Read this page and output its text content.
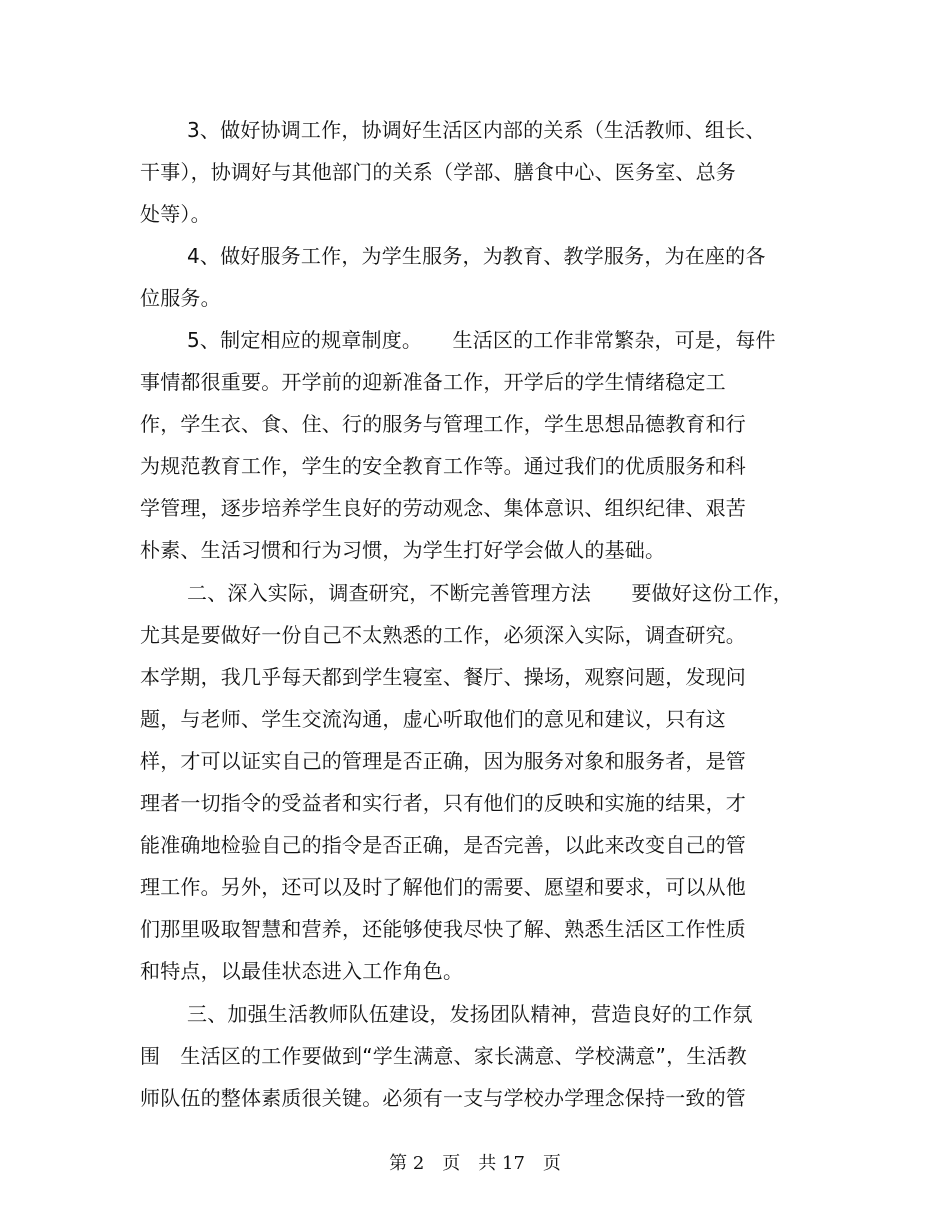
3、做好协调工作，协调好生活区内部的关系（生活教师、组长、
干事），协调好与其他部门的关系（学部、膳食中心、医务室、总务
处等）。
4、做好服务工作，为学生服务，为教育、教学服务，为在座的各
位服务。
5、制定相应的规章制度。　　生活区的工作非常繁杂，可是，每件
事情都很重要。开学前的迎新准备工作，开学后的学生情绪稳定工
作，学生衣、食、住、行的服务与管理工作，学生思想品德教育和行
为规范教育工作，学生的安全教育工作等。通过我们的优质服务和科
学管理，逐步培养学生良好的劳动观念、集体意识、组织纪律、艰苦
朴素、生活习惯和行为习惯，为学生打好学会做人的基础。
二、深入实际，调查研究，不断完善管理方法　　要做好这份工作，
尤其是要做好一份自己不太熟悉的工作，必须深入实际，调查研究。
本学期，我几乎每天都到学生寝室、餐厅、操场，观察问题，发现问
题，与老师、学生交流沟通，虚心听取他们的意见和建议，只有这
样，才可以证实自己的管理是否正确，因为服务对象和服务者，是管
理者一切指令的受益者和实行者，只有他们的反映和实施的结果，才
能准确地检验自己的指令是否正确，是否完善，以此来改变自己的管
理工作。另外，还可以及时了解他们的需要、愿望和要求，可以从他
们那里吸取智慧和营养，还能够使我尽快了解、熟悉生活区工作性质
和特点，以最佳状态进入工作角色。
三、加强生活教师队伍建设，发扬团队精神，营造良好的工作氛
围　生活区的工作要做到“学生满意、家长满意、学校满意”，生活教
师队伍的整体素质很关键。必须有一支与学校办学理念保持一致的管
第 2　页　共 17　页
